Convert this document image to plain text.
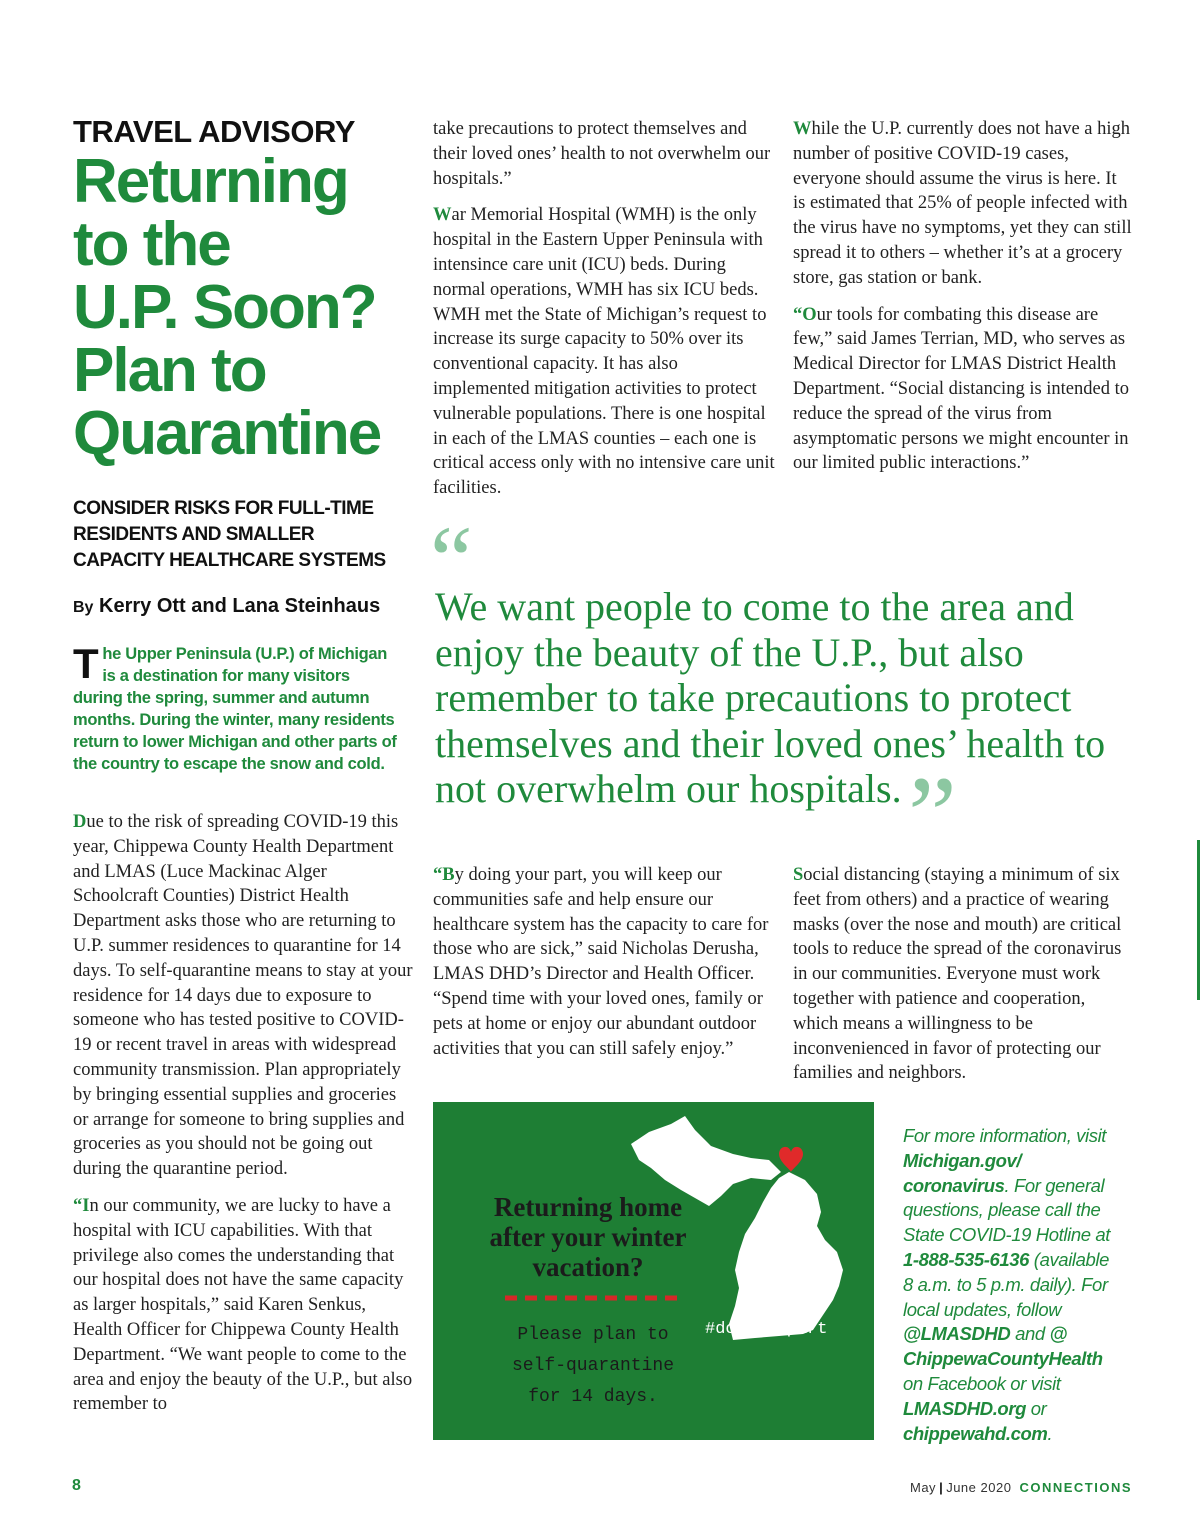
TRAVEL ADVISORY
Returning
to the
U.P. Soon?
Plan to
Quarantine
CONSIDER RISKS FOR FULL-TIME RESIDENTS AND SMALLER CAPACITY HEALTHCARE SYSTEMS
By Kerry Ott and Lana Steinhaus
The Upper Peninsula (U.P.) of Michigan is a destination for many visitors during the spring, summer and autumn months. During the winter, many residents return to lower Michigan and other parts of the country to escape the snow and cold.

Due to the risk of spreading COVID-19 this year, Chippewa County Health Department and LMAS (Luce Mackinac Alger Schoolcraft Counties) District Health Department asks those who are returning to U.P. summer residences to quarantine for 14 days. To self-quarantine means to stay at your residence for 14 days due to exposure to someone who has tested positive to COVID-19 or recent travel in areas with widespread community transmission. Plan appropriately by bringing essential supplies and groceries or arrange for someone to bring supplies and groceries as you should not be going out during the quarantine period.

“In our community, we are lucky to have a hospital with ICU capabilities. With that privilege also comes the understanding that our hospital does not have the same capacity as larger hospitals,” said Karen Senkus, Health Officer for Chippewa County Health Department. “We want people to come to the area and enjoy the beauty of the U.P., but also remember to

take precautions to protect themselves and their loved ones’ health to not overwhelm our hospitals.”

War Memorial Hospital (WMH) is the only hospital in the Eastern Upper Peninsula with intensince care unit (ICU) beds. During normal operations, WMH has six ICU beds. WMH met the State of Michigan’s request to increase its surge capacity to 50% over its conventional capacity. It has also implemented mitigation activities to protect vulnerable populations. There is one hospital in each of the LMAS counties – each one is critical access only with no intensive care unit facilities.

While the U.P. currently does not have a high number of positive COVID-19 cases, everyone should assume the virus is here. It is estimated that 25% of people infected with the virus have no symptoms, yet they can still spread it to others – whether it’s at a grocery store, gas station or bank.

“Our tools for combating this disease are few,” said James Terrian, MD, who serves as Medical Director for LMAS District Health Department. “Social distancing is intended to reduce the spread of the virus from asymptomatic persons we might encounter in our limited public interactions.”

“
We want people to come to the area and enjoy the beauty of the U.P., but also remember to take precautions to protect themselves and their loved ones’ health to not overwhelm our hospitals. ”

“By doing your part, you will keep our communities safe and help ensure our healthcare system has the capacity to care for those who are sick,” said Nicholas Derusha, LMAS DHD’s Director and Health Officer. “Spend time with your loved ones, family or pets at home or enjoy our abundant outdoor activities that you can still safely enjoy.”

Social distancing (staying a minimum of six feet from others) and a practice of wearing masks (over the nose and mouth) are critical tools to reduce the spread of the coronavirus in our communities. Everyone must work together with patience and cooperation, which means a willingness to be inconvenienced in favor of protecting our families and neighbors.

Returning home after your winter vacation?
Please plan to self-quarantine for 14 days.
#doingMIpart
For more information, visit Michigan.gov/ coronavirus. For general questions, please call the State COVID-19 Hotline at 1-888-535-6136 (available 8 a.m. to 5 p.m. daily). For local updates, follow @LMASDHD and @ ChippewaCountyHealth on Facebook or visit LMASDHD.org or chippewahd.com.
8	May | June 2020 CONNECTIONS
